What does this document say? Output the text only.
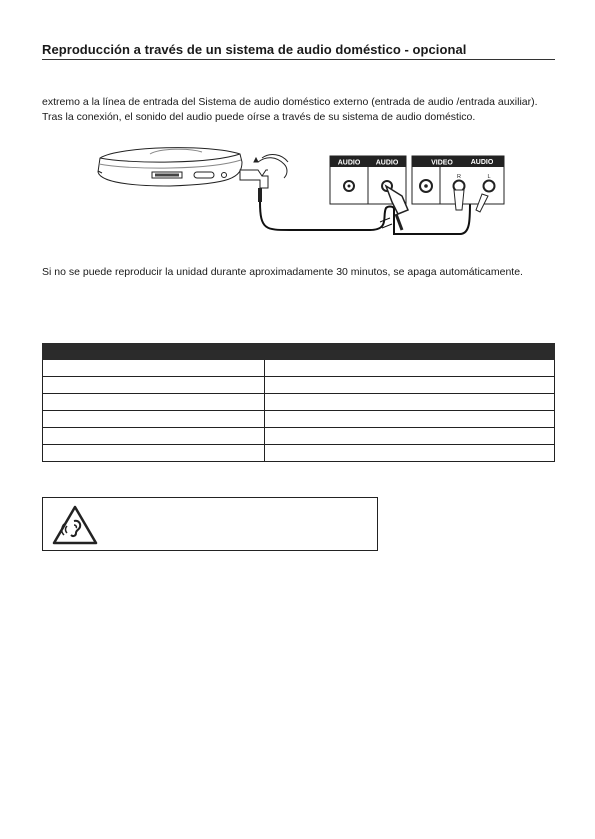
Reproducción a través de un sistema de audio doméstico - opcional

extremo a la línea de entrada del Sistema de audio doméstico externo (entrada de audio /entrada auxiliar). Tras la conexión, el sonido del audio puede oírse a través de su sistema de audio doméstico.

AUDIO AUDIO	VIDEO	AUDIO
R	L

Si no se puede reproducir la unidad durante aproximadamente 30 minutos, se apaga automáticamente.
